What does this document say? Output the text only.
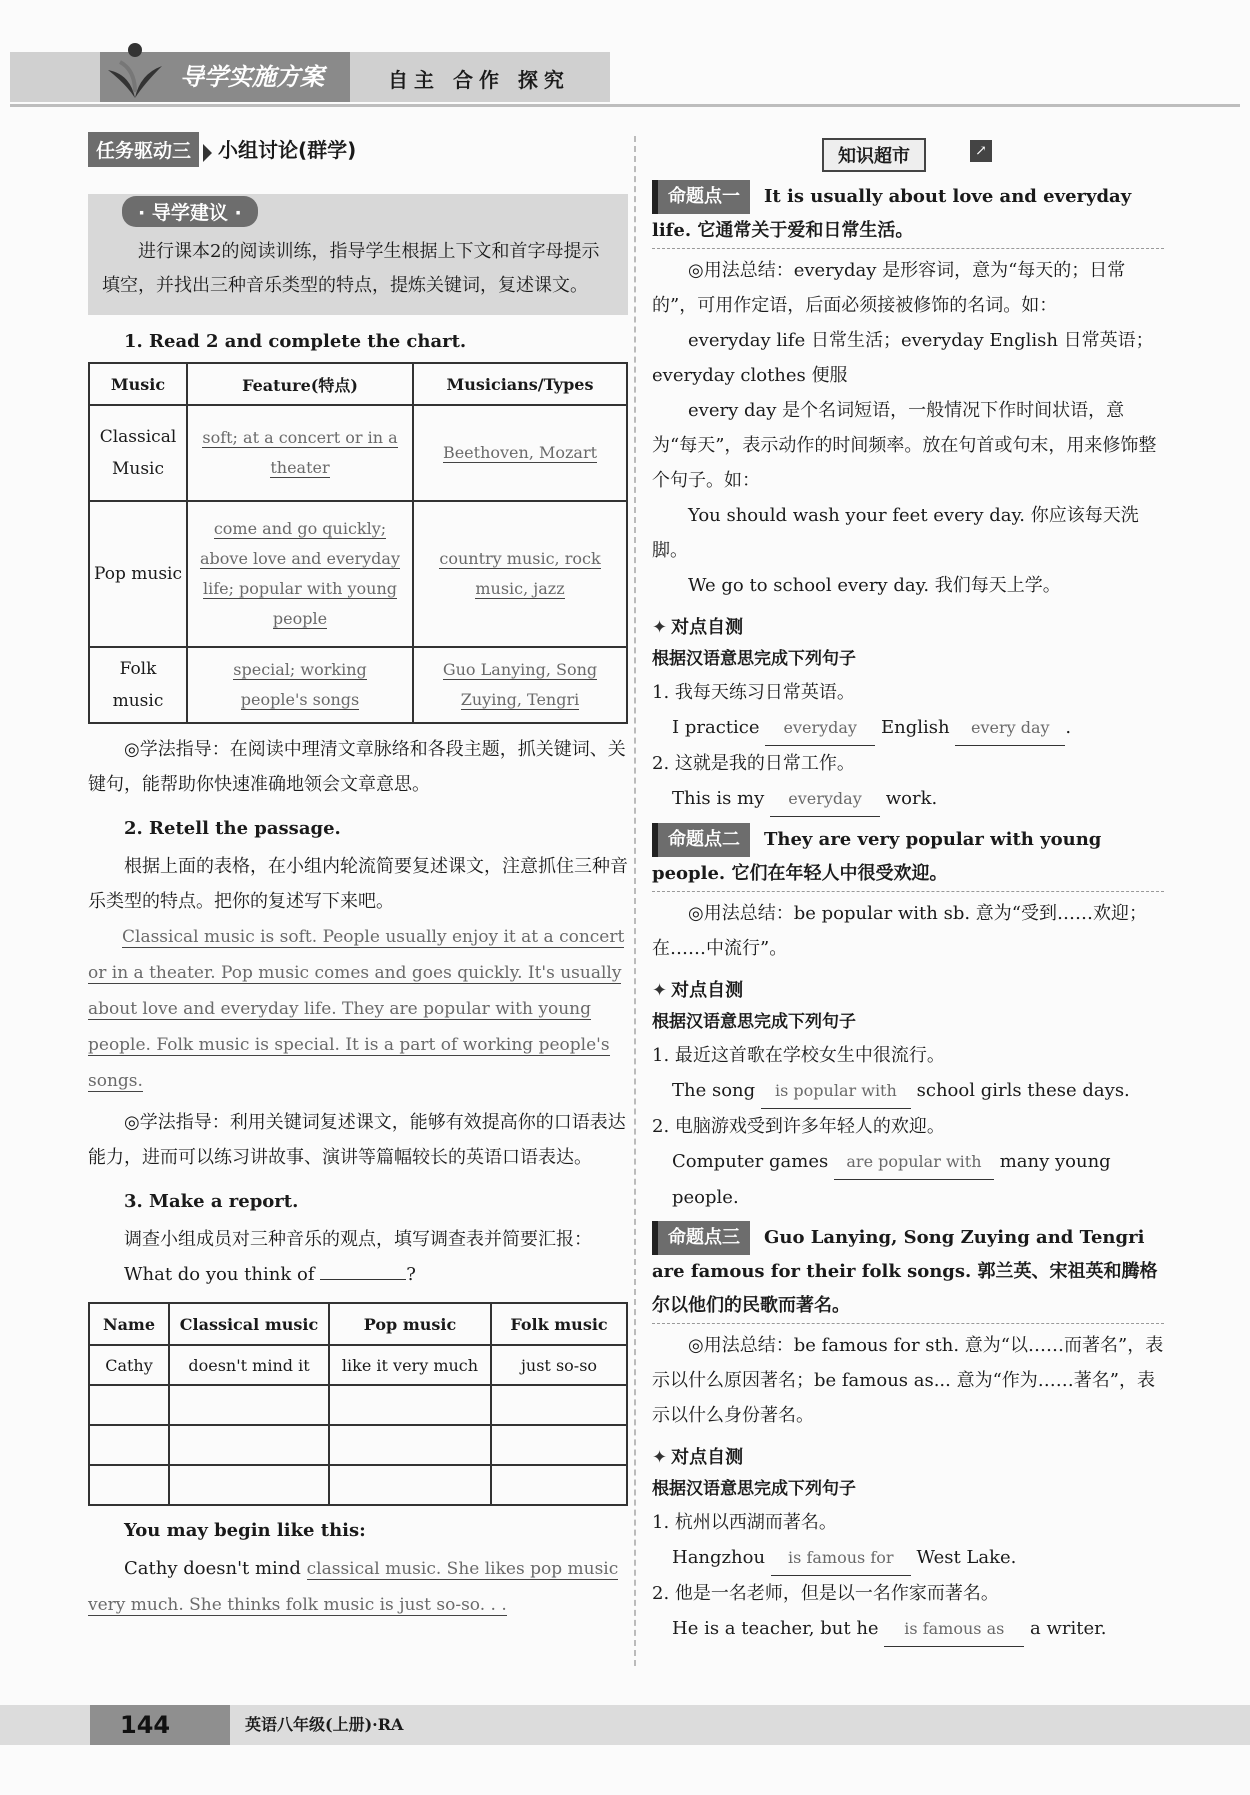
导学实施方案	自主 合作 探究
任务驱动三 小组讨论(群学)
· 导学建议 ·

进行课本2的阅读训练，指导学生根据上下文和首字母提示填空，并找出三种音乐类型的特点，提炼关键词，复述课文。

1. Read 2 and complete the chart.

Music	Feature(特点)	Musicians/Types
Classical Music	soft; at a concert or in a theater	Beethoven, Mozart
Pop music	come and go quickly; above love and everyday life; popular with young people	country music, rock music, jazz
Folk music	special; working people's songs	Guo Lanying, Song Zuying, Tengri

◎学法指导：在阅读中理清文章脉络和各段主题，抓关键词、关键句，能帮助你快速准确地领会文章意思。

2. Retell the passage.

根据上面的表格，在小组内轮流简要复述课文，注意抓住三种音乐类型的特点。把你的复述写下来吧。

Classical music is soft. People usually enjoy it at a concert or in a theater. Pop music comes and goes quickly. It's usually about love and everyday life. They are popular with young people. Folk music is special. It is a part of working people's songs.

◎学法指导：利用关键词复述课文，能够有效提高你的口语表达能力，进而可以练习讲故事、演讲等篇幅较长的英语口语表达。

3. Make a report.

调查小组成员对三种音乐的观点，填写调查表并简要汇报：

What do you think of	?

Name	Classical music	Pop music	Folk music
Cathy	doesn't mind it	like it very much	just so-so

You may begin like this:

Cathy doesn't mind classical music. She likes pop music very much. She thinks folk music is just so-so. . .

知识超市	↗

命题点一 It is usually about love and everyday life. 它通常关于爱和日常生活。

◎用法总结：everyday 是形容词，意为“每天的；日常的”，可用作定语，后面必须接被修饰的名词。如：

everyday life 日常生活；everyday English 日常英语；everyday clothes 便服

every day 是个名词短语，一般情况下作时间状语，意为“每天”，表示动作的时间频率。放在句首或句末，用来修饰整个句子。如：

You should wash your feet every day. 你应该每天洗脚。

We go to school every day. 我们每天上学。

✦ 对点自测

根据汉语意思完成下列句子

1. 我每天练习日常英语。

I practice everyday English every day .

2. 这就是我的日常工作。

This is my everyday work.

命题点二 They are very popular with young people. 它们在年轻人中很受欢迎。

◎用法总结：be popular with sb. 意为“受到……欢迎；在……中流行”。

✦ 对点自测

根据汉语意思完成下列句子

1. 最近这首歌在学校女生中很流行。

The song is popular with school girls these days.

2. 电脑游戏受到许多年轻人的欢迎。

Computer games are popular with many young people.

命题点三 Guo Lanying, Song Zuying and Tengri are famous for their folk songs. 郭兰英、宋祖英和腾格尔以他们的民歌而著名。

◎用法总结：be famous for sth. 意为“以……而著名”，表示以什么原因著名；be famous as... 意为“作为……著名”，表示以什么身份著名。

✦ 对点自测

根据汉语意思完成下列句子

1. 杭州以西湖而著名。

Hangzhou is famous for West Lake.

2. 他是一名老师，但是以一名作家而著名。

He is a teacher, but he is famous as a writer.

144	英语八年级(上册)·RA
